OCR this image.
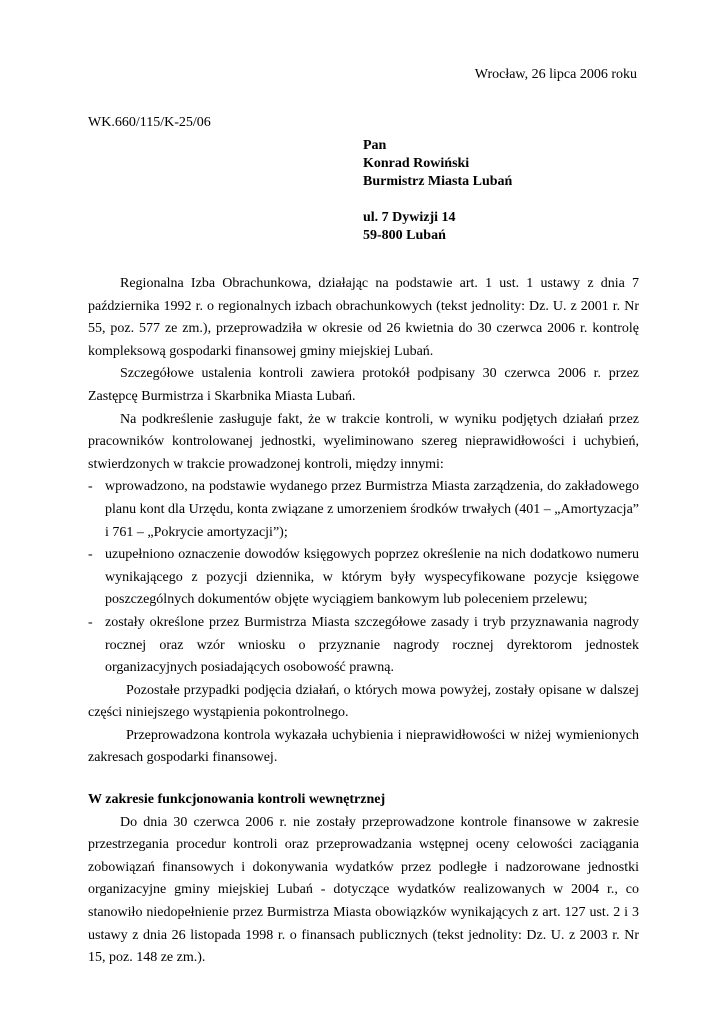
Wrocław, 26 lipca 2006 roku
WK.660/115/K-25/06
Pan
Konrad Rowiński
Burmistrz Miasta Lubań
ul. 7 Dywizji 14
59-800 Lubań

Regionalna Izba Obrachunkowa, działając na podstawie art. 1 ust. 1 ustawy z dnia 7 października 1992 r. o regionalnych izbach obrachunkowych (tekst jednolity: Dz. U. z 2001 r. Nr 55, poz. 577 ze zm.), przeprowadziła w okresie od 26 kwietnia do 30 czerwca 2006 r. kontrolę kompleksową gospodarki finansowej gminy miejskiej Lubań.

Szczegółowe ustalenia kontroli zawiera protokół podpisany 30 czerwca 2006 r. przez Zastępcę Burmistrza i Skarbnika Miasta Lubań.

Na podkreślenie zasługuje fakt, że w trakcie kontroli, w wyniku podjętych działań przez pracowników kontrolowanej jednostki, wyeliminowano szereg nieprawidłowości i uchybień, stwierdzonych w trakcie prowadzonej kontroli, między innymi:

- wprowadzono, na podstawie wydanego przez Burmistrza Miasta zarządzenia, do zakładowego planu kont dla Urzędu, konta związane z umorzeniem środków trwałych (401 – „Amortyzacja” i 761 – „Pokrycie amortyzacji”);
- uzupełniono oznaczenie dowodów księgowych poprzez określenie na nich dodatkowo numeru wynikającego z pozycji dziennika, w którym były wyspecyfikowane pozycje księgowe poszczególnych dokumentów objęte wyciągiem bankowym lub poleceniem przelewu;
- zostały określone przez Burmistrza Miasta szczegółowe zasady i tryb przyznawania nagrody rocznej oraz wzór wniosku o przyznanie nagrody rocznej dyrektorom jednostek organizacyjnych posiadających osobowość prawną.

Pozostałe przypadki podjęcia działań, o których mowa powyżej, zostały opisane w dalszej części niniejszego wystąpienia pokontrolnego.

Przeprowadzona kontrola wykazała uchybienia i nieprawidłowości w niżej wymienionych zakresach gospodarki finansowej.

W zakresie funkcjonowania kontroli wewnętrznej

Do dnia 30 czerwca 2006 r. nie zostały przeprowadzone kontrole finansowe w zakresie przestrzegania procedur kontroli oraz przeprowadzania wstępnej oceny celowości zaciągania zobowiązań finansowych i dokonywania wydatków przez podległe i nadzorowane jednostki organizacyjne gminy miejskiej Lubań - dotyczące wydatków realizowanych w 2004 r., co stanowiło niedopełnienie przez Burmistrza Miasta obowiązków wynikających z art. 127 ust. 2 i 3 ustawy z dnia 26 listopada 1998 r. o finansach publicznych (tekst jednolity: Dz. U. z 2003 r. Nr 15, poz. 148 ze zm.).
